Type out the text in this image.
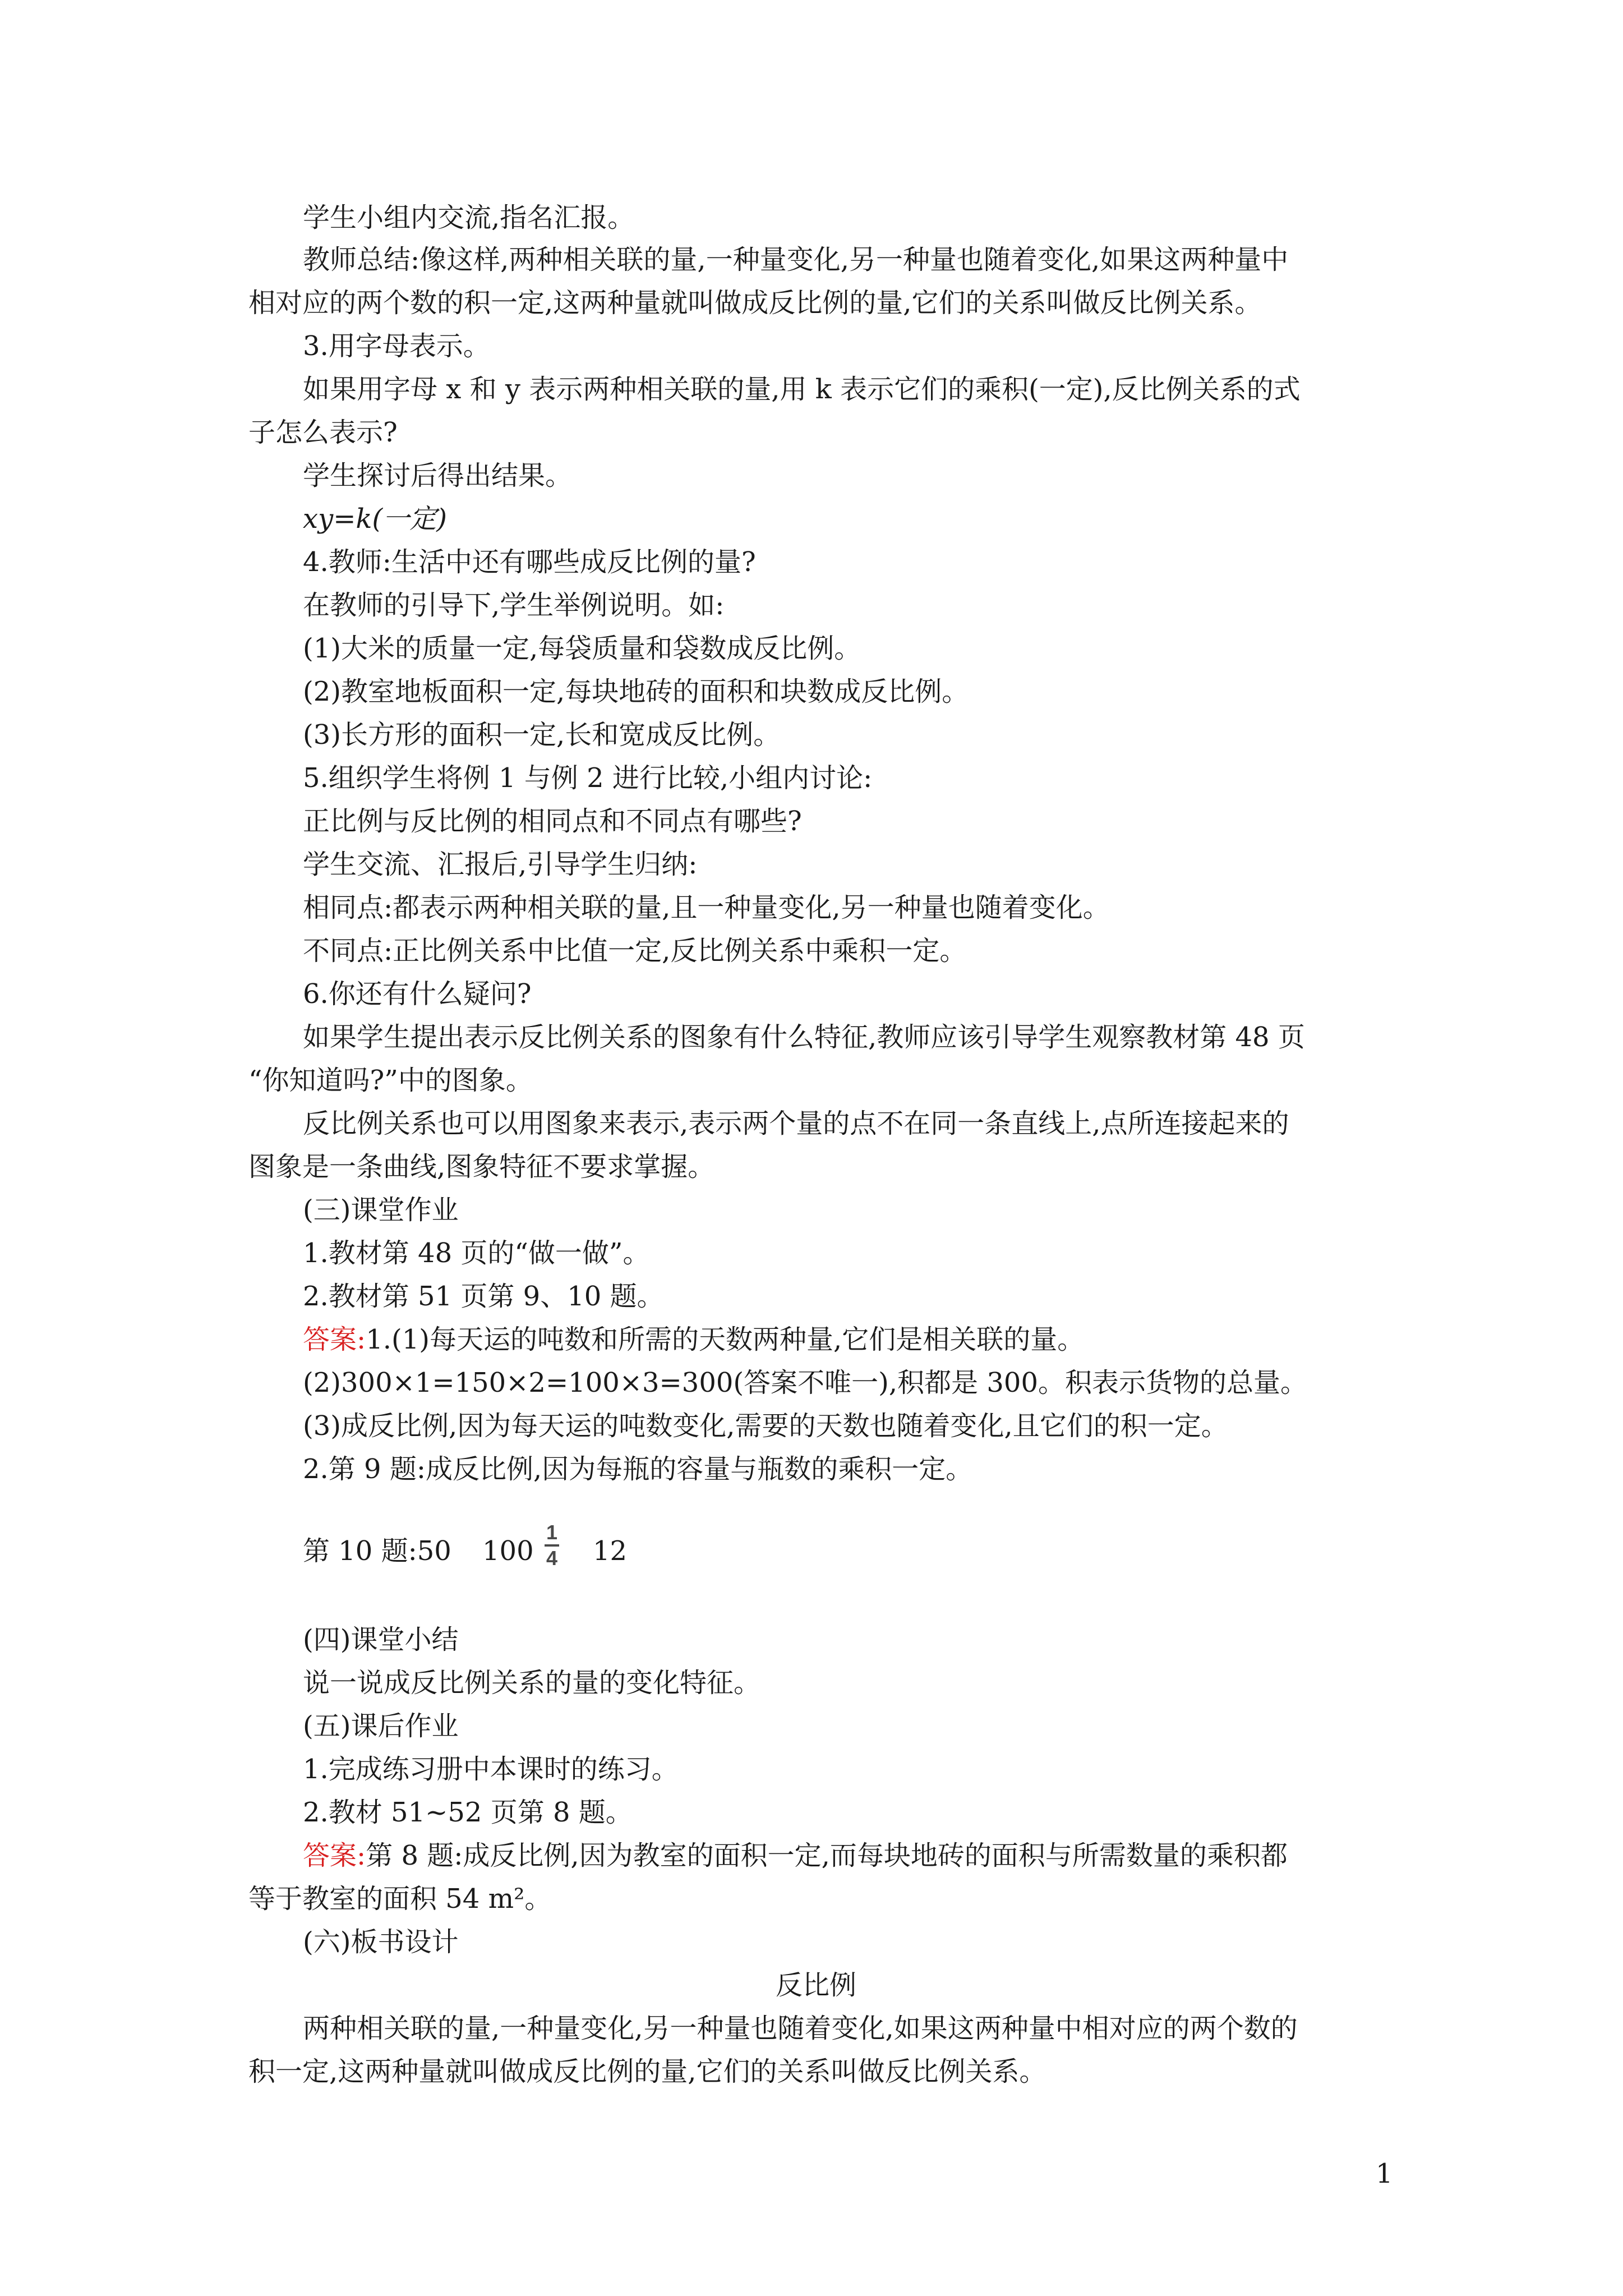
学生小组内交流,指名汇报。
教师总结:像这样,两种相关联的量,一种量变化,另一种量也随着变化,如果这两种量中
相对应的两个数的积一定,这两种量就叫做成反比例的量,它们的关系叫做反比例关系。
3.用字母表示。
如果用字母 x 和 y 表示两种相关联的量,用 k 表示它们的乘积(一定),反比例关系的式
子怎么表示?
学生探讨后得出结果。
xy=k(一定)
4.教师:生活中还有哪些成反比例的量?
在教师的引导下,学生举例说明。如:
(1)大米的质量一定,每袋质量和袋数成反比例。
(2)教室地板面积一定,每块地砖的面积和块数成反比例。
(3)长方形的面积一定,长和宽成反比例。
5.组织学生将例 1 与例 2 进行比较,小组内讨论:
正比例与反比例的相同点和不同点有哪些?
学生交流、汇报后,引导学生归纳:
相同点:都表示两种相关联的量,且一种量变化,另一种量也随着变化。
不同点:正比例关系中比值一定,反比例关系中乘积一定。
6.你还有什么疑问?
如果学生提出表示反比例关系的图象有什么特征,教师应该引导学生观察教材第 48 页
“你知道吗?”中的图象。
反比例关系也可以用图象来表示,表示两个量的点不在同一条直线上,点所连接起来的
图象是一条曲线,图象特征不要求掌握。
(三)课堂作业
1.教材第 48 页的“做一做”。
2.教材第 51 页第 9、10 题。
答案:1.(1)每天运的吨数和所需的天数两种量,它们是相关联的量。
(2)300×1=150×2=100×3=300(答案不唯一),积都是 300。积表示货物的总量。
(3)成反比例,因为每天运的吨数变化,需要的天数也随着变化,且它们的积一定。
2.第 9 题:成反比例,因为每瓶的容量与瓶数的乘积一定。
第 10 题:50 100
1
4 12
(四)课堂小结
说一说成反比例关系的量的变化特征。
(五)课后作业
1.完成练习册中本课时的练习。
2.教材 51~52 页第 8 题。
答案:第 8 题:成反比例,因为教室的面积一定,而每块地砖的面积与所需数量的乘积都
等于教室的面积 54 m²。
(六)板书设计
反比例
两种相关联的量,一种量变化,另一种量也随着变化,如果这两种量中相对应的两个数的
积一定,这两种量就叫做成反比例的量,它们的关系叫做反比例关系。
1
